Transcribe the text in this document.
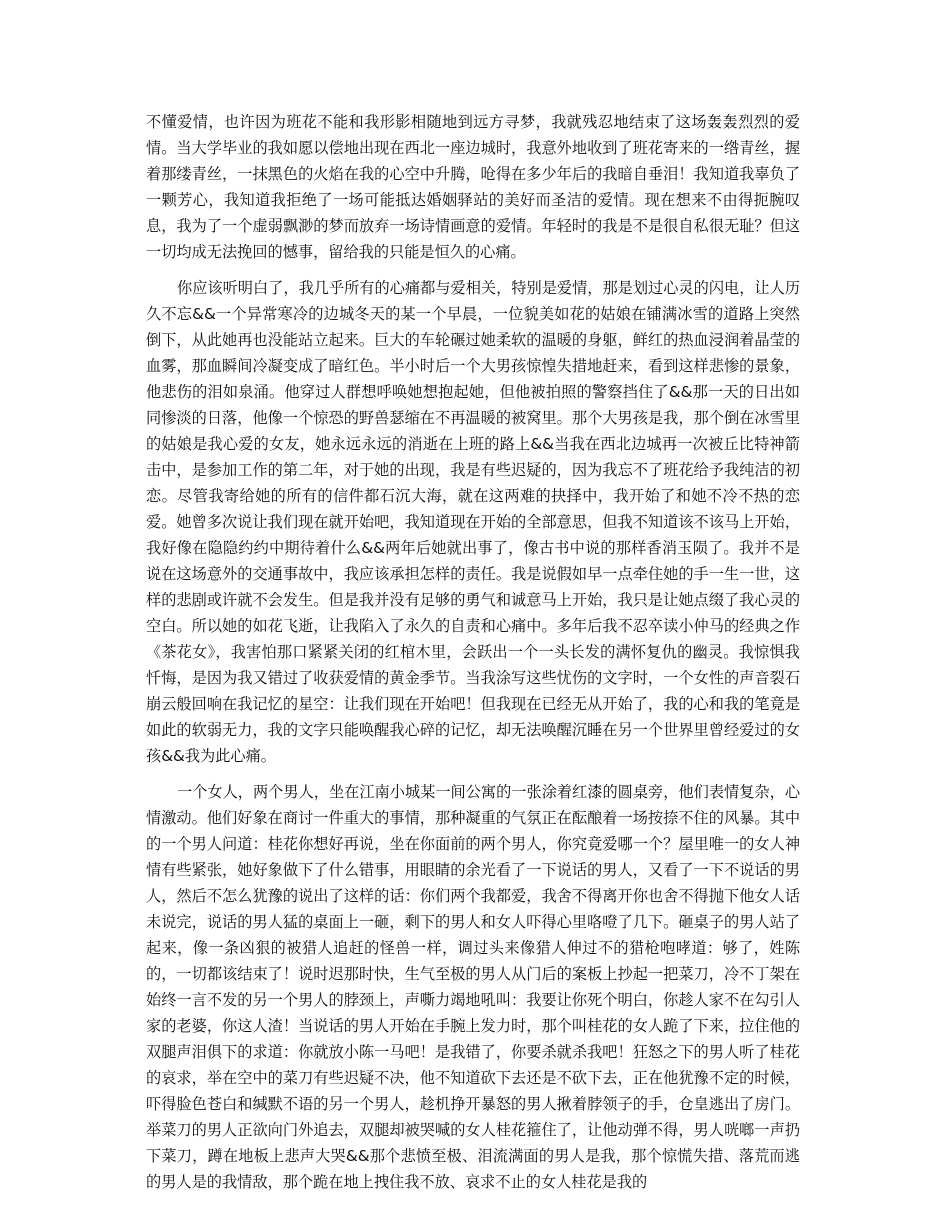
不懂爱情，也许因为班花不能和我形影相随地到远方寻梦，我就残忍地结束了这场轰轰烈烈的爱情。当大学毕业的我如愿以偿地出现在西北一座边城时，我意外地收到了班花寄来的一绺青丝，握着那缕青丝，一抹黑色的火焰在我的心空中升腾，呛得在多少年后的我暗自垂泪！我知道我辜负了一颗芳心，我知道我拒绝了一场可能抵达婚姻驿站的美好而圣洁的爱情。现在想来不由得扼腕叹息，我为了一个虚弱飘渺的梦而放弃一场诗情画意的爱情。年轻时的我是不是很自私很无耻？但这一切均成无法挽回的憾事，留给我的只能是恒久的心痛。

你应该听明白了，我几乎所有的心痛都与爱相关，特别是爱情，那是划过心灵的闪电，让人历久不忘&&一个异常寒冷的边城冬天的某一个早晨，一位貌美如花的姑娘在铺满冰雪的道路上突然倒下，从此她再也没能站立起来。巨大的车轮碾过她柔软的温暖的身躯，鲜红的热血浸润着晶莹的血雾，那血瞬间冷凝变成了暗红色。半小时后一个大男孩惊惶失措地赶来，看到这样悲惨的景象，他悲伤的泪如泉涌。他穿过人群想呼唤她想抱起她，但他被拍照的警察挡住了&&那一天的日出如同惨淡的日落，他像一个惊恐的野兽瑟缩在不再温暖的被窝里。那个大男孩是我，那个倒在冰雪里的姑娘是我心爱的女友，她永远永远的消逝在上班的路上&&当我在西北边城再一次被丘比特神箭击中，是参加工作的第二年，对于她的出现，我是有些迟疑的，因为我忘不了班花给予我纯洁的初恋。尽管我寄给她的所有的信件都石沉大海，就在这两难的抉择中，我开始了和她不冷不热的恋爱。她曾多次说让我们现在就开始吧，我知道现在开始的全部意思，但我不知道该不该马上开始，我好像在隐隐约约中期待着什么&&两年后她就出事了，像古书中说的那样香消玉陨了。我并不是说在这场意外的交通事故中，我应该承担怎样的责任。我是说假如早一点牵住她的手一生一世，这样的悲剧或许就不会发生。但是我并没有足够的勇气和诚意马上开始，我只是让她点缀了我心灵的空白。所以她的如花飞逝，让我陷入了永久的自责和心痛中。多年后我不忍卒读小仲马的经典之作《茶花女》，我害怕那口紧紧关闭的红棺木里，会跃出一个一头长发的满怀复仇的幽灵。我惊惧我忏悔，是因为我又错过了收获爱情的黄金季节。当我涂写这些忧伤的文字时，一个女性的声音裂石崩云般回响在我记忆的星空：让我们现在开始吧！但我现在已经无从开始了，我的心和我的笔竟是如此的软弱无力，我的文字只能唤醒我心碎的记忆，却无法唤醒沉睡在另一个世界里曾经爱过的女孩&&我为此心痛。

一个女人，两个男人，坐在江南小城某一间公寓的一张涂着红漆的圆桌旁，他们表情复杂，心情激动。他们好象在商讨一件重大的事情，那种凝重的气氛正在酝酿着一场按捺不住的风暴。其中的一个男人问道：桂花你想好再说，坐在你面前的两个男人，你究竟爱哪一个？屋里唯一的女人神情有些紧张，她好象做下了什么错事，用眼睛的余光看了一下说话的男人，又看了一下不说话的男人，然后不怎么犹豫的说出了这样的话：你们两个我都爱，我舍不得离开你也舍不得抛下他女人话未说完，说话的男人猛的桌面上一砸，剩下的男人和女人吓得心里咯噔了几下。砸桌子的男人站了起来，像一条凶狠的被猎人追赶的怪兽一样，调过头来像猎人伸过不的猎枪咆哮道：够了，姓陈的，一切都该结束了！说时迟那时快，生气至极的男人从门后的案板上抄起一把菜刀，冷不丁架在始终一言不发的另一个男人的脖颈上，声嘶力竭地吼叫：我要让你死个明白，你趁人家不在勾引人家的老婆，你这人渣！当说话的男人开始在手腕上发力时，那个叫桂花的女人跪了下来，拉住他的双腿声泪俱下的求道：你就放小陈一马吧！是我错了，你要杀就杀我吧！狂怒之下的男人听了桂花的哀求，举在空中的菜刀有些迟疑不决，他不知道砍下去还是不砍下去，正在他犹豫不定的时候，吓得脸色苍白和缄默不语的另一个男人，趁机挣开暴怒的男人揪着脖领子的手，仓皇逃出了房门。举菜刀的男人正欲向门外追去，双腿却被哭喊的女人桂花箍住了，让他动弹不得，男人咣啷一声扔下菜刀，蹲在地板上悲声大哭&&那个悲愤至极、泪流满面的男人是我，那个惊慌失措、落荒而逃的男人是的我情敌，那个跪在地上拽住我不放、哀求不止的女人桂花是我的
